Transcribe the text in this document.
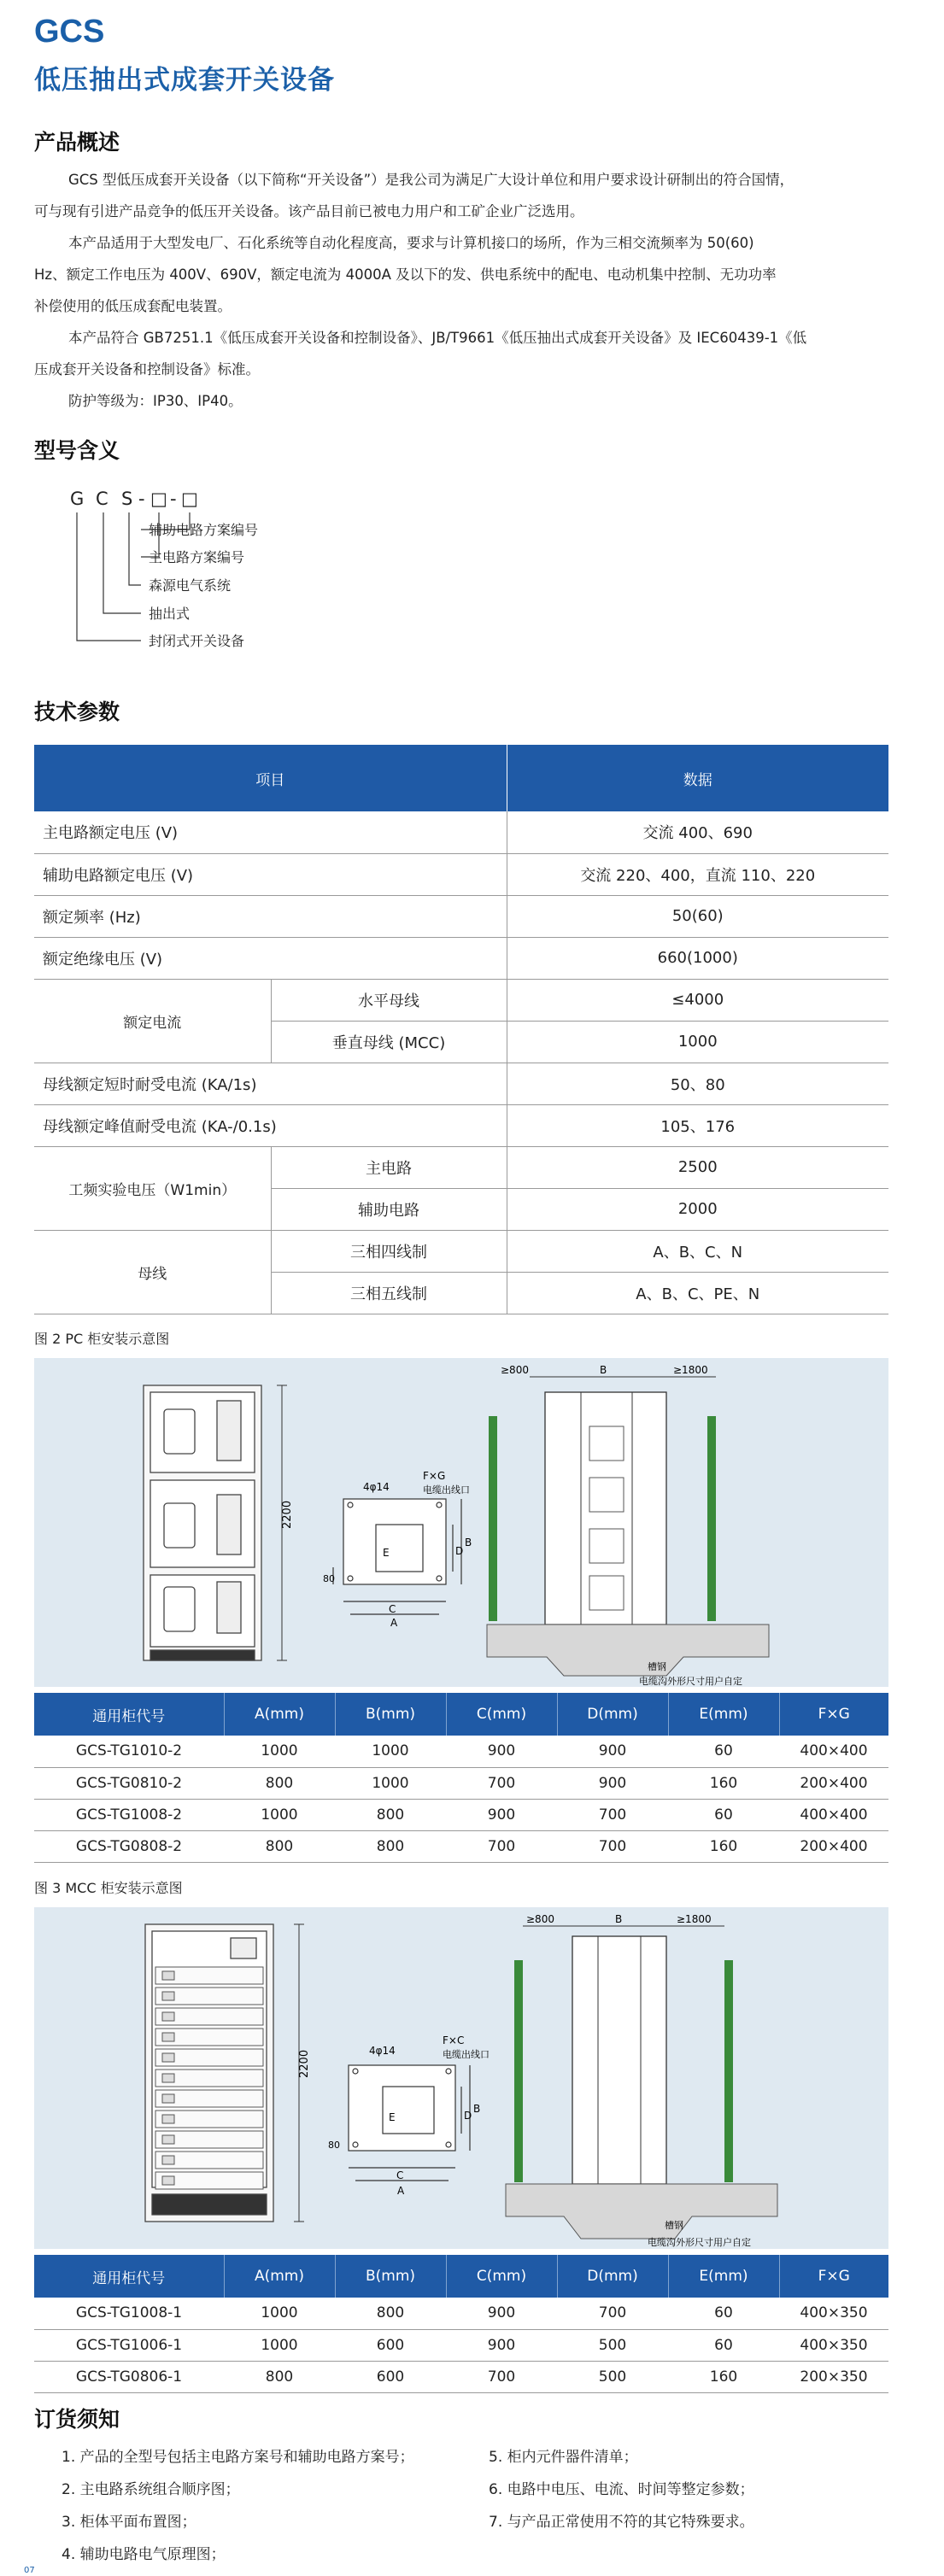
GCS
低压抽出式成套开关设备
产品概述
GCS 型低压成套开关设备（以下简称“开关设备”）是我公司为满足广大设计单位和用户要求设计研制出的符合国情，
可与现有引进产品竞争的低压开关设备。该产品目前已被电力用户和工矿企业广泛选用。
本产品适用于大型发电厂、石化系统等自动化程度高，要求与计算机接口的场所，作为三相交流频率为 50(60)
Hz、额定工作电压为 400V、690V，额定电流为 4000A 及以下的发、供电系统中的配电、电动机集中控制、无功功率
补偿使用的低压成套配电装置。
本产品符合 GB7251.1《低压成套开关设备和控制设备》、JB/T9661《低压抽出式成套开关设备》及 IEC60439-1《低
压成套开关设备和控制设备》标准。
防护等级为：IP30、IP40。
型号含义
G C S - □ - □
辅助电路方案编号
主电路方案编号
森源电气系统
抽出式
封闭式开关设备
技术参数
项目		数据
主电路额定电压 (V)		交流 400、690
辅助电路额定电压 (V)		交流 220、400，直流 110、220
额定频率 (Hz)		50(60)
额定绝缘电压 (V)		660(1000)
额定电流	水平母线	≤4000
	垂直母线 (MCC)	1000
母线额定短时耐受电流 (KA/1s)		50、80
母线额定峰值耐受电流 (KA-/0.1s)		105、176
工频实验电压（W1min）	主电路	2500
	辅助电路	2000
母线	三相四线制	A、B、C、N
	三相五线制	A、B、C、PE、N
图 2 PC 柜安装示意图
2200
4φ14
F×G
电缆出线口
A
C
B
D
E
80
≥800	B	≥1800
槽钢
电缆沟外形尺寸用户自定
通用柜代号	A(mm)	B(mm)	C(mm)	D(mm)	E(mm)	F×G
GCS-TG1010-2	1000	1000	900	900	60	400×400
GCS-TG0810-2	800	1000	700	900	160	200×400
GCS-TG1008-2	1000	800	900	700	60	400×400
GCS-TG0808-2	800	800	700	700	160	200×400
图 3 MCC 柜安装示意图
2200	4φ14
F×C
电缆出线口
A
C
B
D
E
80
≥800	B	≥1800
槽钢
电缆沟外形尺寸用户自定
通用柜代号	A(mm)	B(mm)	C(mm)	D(mm)	E(mm)	F×G
GCS-TG1008-1	1000	800	900	700	60	400×350
GCS-TG1006-1	1000	600	900	500	60	400×350
GCS-TG0806-1	800	600	700	500	160	200×350
订货须知
1. 产品的全型号包括主电路方案号和辅助电路方案号；
2. 主电路系统组合顺序图；
3. 柜体平面布置图；
4. 辅助电路电气原理图；
5. 柜内元件器件清单；
6. 电路中电压、电流、时间等整定参数；
7. 与产品正常使用不符的其它特殊要求。
07
